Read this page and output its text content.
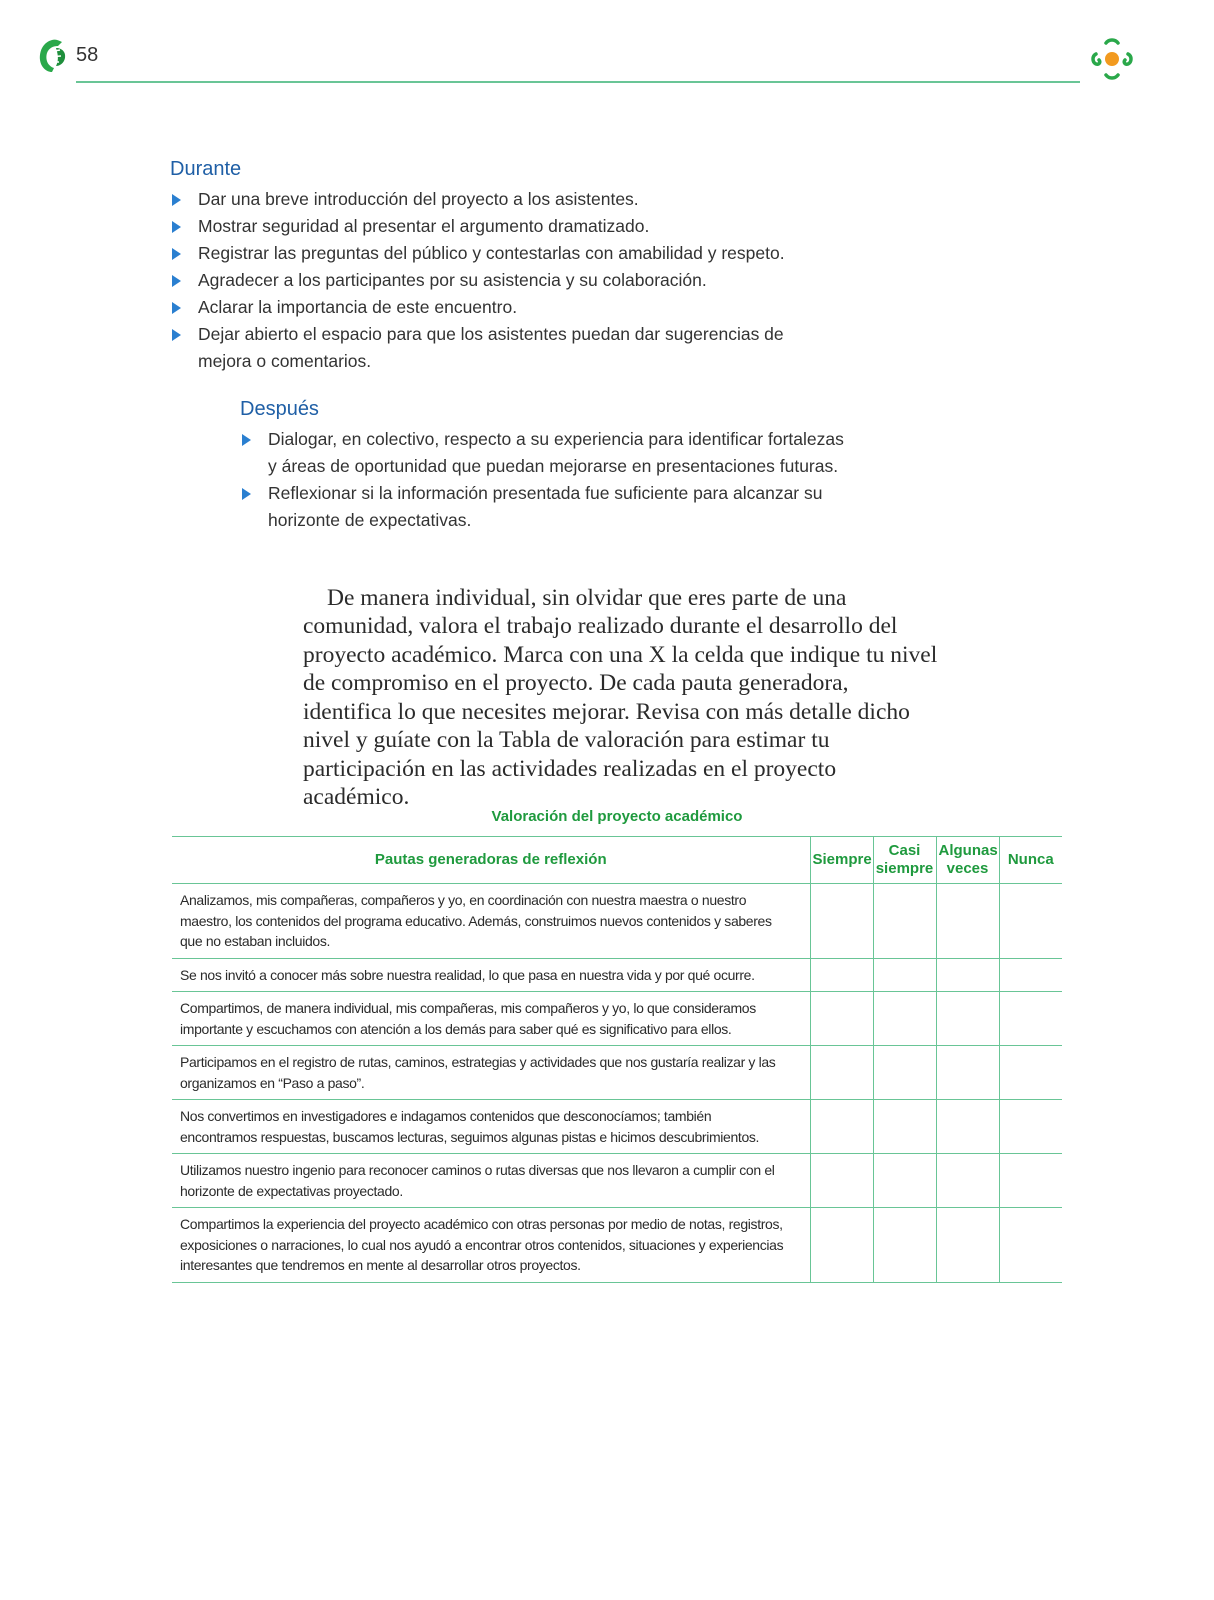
58
Durante
Dar una breve introducción del proyecto a los asistentes.
Mostrar seguridad al presentar el argumento dramatizado.
Registrar las preguntas del público y contestarlas con amabilidad y respeto.
Agradecer a los participantes por su asistencia y su colaboración.
Aclarar la importancia de este encuentro.
Dejar abierto el espacio para que los asistentes puedan dar sugerencias de mejora o comentarios.
Después
Dialogar, en colectivo, respecto a su experiencia para identificar fortalezas y áreas de oportunidad que puedan mejorarse en presentaciones futuras.
Reflexionar si la información presentada fue suficiente para alcanzar su horizonte de expectativas.

De manera individual, sin olvidar que eres parte de una comunidad, valora el trabajo realizado durante el desarrollo del proyecto académico. Marca con una X la celda que indique tu nivel de compromiso en el proyecto. De cada pauta generadora, identifica lo que necesites mejorar. Revisa con más detalle dicho nivel y guíate con la Tabla de valoración para estimar tu participación en las actividades realizadas en el proyecto académico.

Valoración del proyecto académico
Pautas generadoras de reflexión	Siempre	Casi siempre	Algunas veces	Nunca
Analizamos, mis compañeras, compañeros y yo, en coordinación con nuestra maestra o nuestro maestro, los contenidos del programa educativo. Además, construimos nuevos contenidos y saberes que no estaban incluidos.				
Se nos invitó a conocer más sobre nuestra realidad, lo que pasa en nuestra vida y por qué ocurre.				
Compartimos, de manera individual, mis compañeras, mis compañeros y yo, lo que consideramos importante y escuchamos con atención a los demás para saber qué es significativo para ellos.				
Participamos en el registro de rutas, caminos, estrategias y actividades que nos gustaría realizar y las organizamos en “Paso a paso”.				
Nos convertimos en investigadores e indagamos contenidos que desconocíamos; también encontramos respuestas, buscamos lecturas, seguimos algunas pistas e hicimos descubrimientos.				
Utilizamos nuestro ingenio para reconocer caminos o rutas diversas que nos llevaron a cumplir con el horizonte de expectativas proyectado.				
Compartimos la experiencia del proyecto académico con otras personas por medio de notas, registros, exposiciones o narraciones, lo cual nos ayudó a encontrar otros contenidos, situaciones y experiencias interesantes que tendremos en mente al desarrollar otros proyectos.				
